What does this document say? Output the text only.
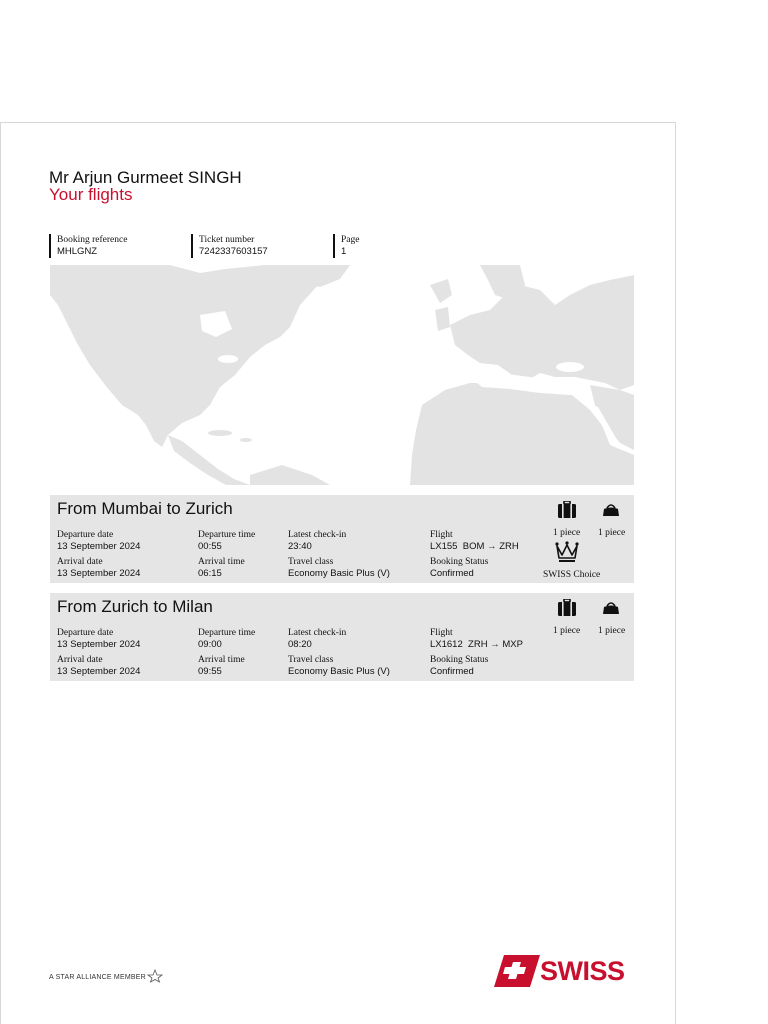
Mr Arjun Gurmeet SINGH
Your flights
Booking reference
MHLGNZ
Ticket number
7242337603157
Page
1
From Mumbai to Zurich
Departure date
13 September 2024
Arrival date
13 September 2024
Departure time
00:55
Arrival time
06:15
Latest check-in
23:40
Travel class
Economy Basic Plus (V)
Flight
LX155 BOM → ZRH
Booking Status
Confirmed
1 piece 1 piece
SWISS Choice
From Zurich to Milan
Departure date
13 September 2024
Arrival date
13 September 2024
Departure time
09:00
Arrival time
09:55
Latest check-in
08:20
Travel class
Economy Basic Plus (V)
Flight
LX1612 ZRH → MXP
Booking Status
Confirmed
1 piece 1 piece
A STAR ALLIANCE MEMBER	SWISS
